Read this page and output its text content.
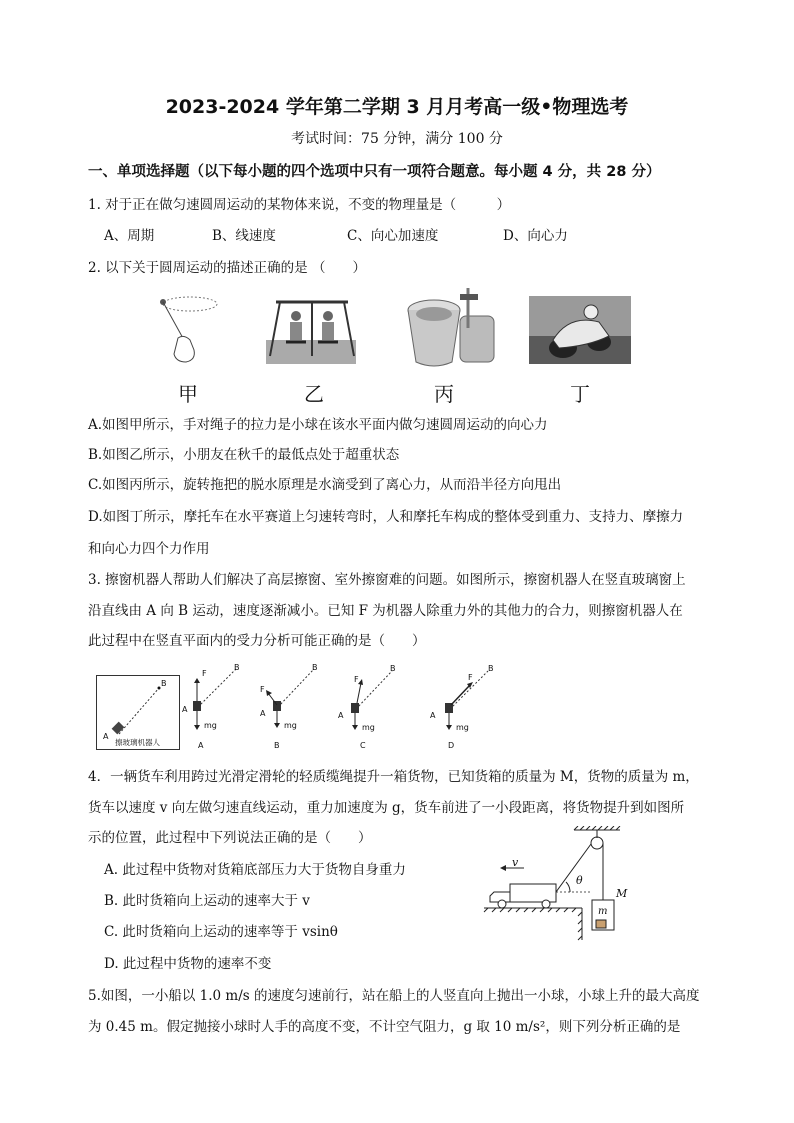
2023-2024 学年第二学期 3 月月考高一级•物理选考
考试时间：75 分钟，满分 100 分
一、单项选择题（以下每小题的四个选项中只有一项符合题意。每小题 4 分，共 28 分）
1. 对于正在做匀速圆周运动的某物体来说，不变的物理量是（　　　）
A、周期	B、线速度	C、向心加速度	D、向心力
2. 以下关于圆周运动的描述正确的是 （　　）
甲	乙	丙	丁
A.如图甲所示，手对绳子的拉力是小球在该水平面内做匀速圆周运动的向心力
B.如图乙所示，小朋友在秋千的最低点处于超重状态
C.如图丙所示，旋转拖把的脱水原理是水滴受到了离心力，从而沿半径方向甩出
D.如图丁所示，摩托车在水平赛道上匀速转弯时，人和摩托车构成的整体受到重力、支持力、摩擦力
和向心力四个力作用
3. 擦窗机器人帮助人们解决了高层擦窗、室外擦窗难的问题。如图所示，擦窗机器人在竖直玻璃窗上
沿直线由 A 向 B 运动，速度逐渐减小。已知 F 为机器人除重力外的其他力的合力，则擦窗机器人在
此过程中在竖直平面内的受力分析可能正确的是（　　）
B
A
擦玻璃机器人
F
B
A
mg
A
F
B
A
mg
B
F
B
A
mg
C
F
B
A
mg
D
4．一辆货车利用跨过光滑定滑轮的轻质缆绳提升一箱货物，已知货箱的质量为 M，货物的质量为 m，
货车以速度 v 向左做匀速直线运动，重力加速度为 g，货车前进了一小段距离，将货物提升到如图所
示的位置，此过程中下列说法正确的是（　　）
A. 此过程中货物对货箱底部压力大于货物自身重力
B. 此时货箱向上运动的速率大于 v
C. 此时货箱向上运动的速率等于 vsinθ
D. 此过程中货物的速率不变
v
θ
M
m
5.如图，一小船以 1.0 m/s 的速度匀速前行，站在船上的人竖直向上抛出一小球，小球上升的最大高度
为 0.45 m。假定抛接小球时人手的高度不变，不计空气阻力，g 取 10 m/s²，则下列分析正确的是
